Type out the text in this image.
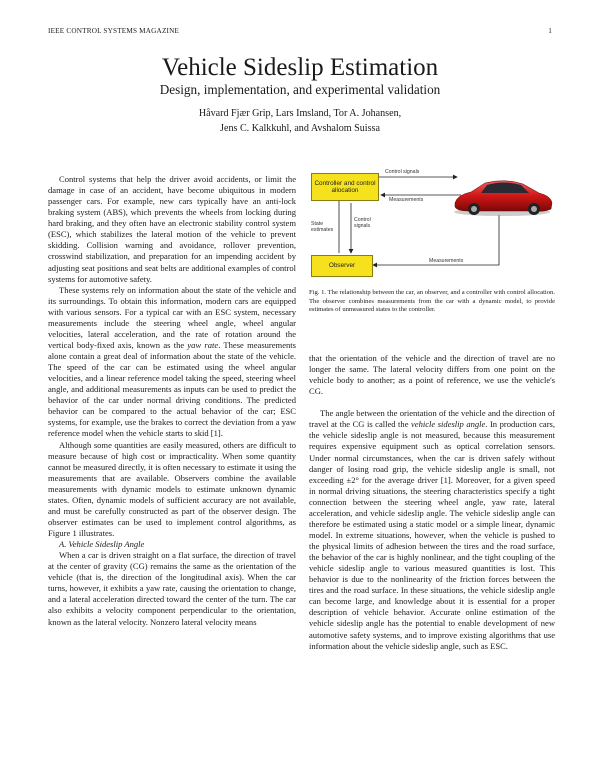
IEEE CONTROL SYSTEMS MAGAZINE	1
Vehicle Sideslip Estimation
Design, implementation, and experimental validation
Håvard Fjær Grip, Lars Imsland, Tor A. Johansen,
Jens C. Kalkkuhl, and Avshalom Suissa

Control systems that help the driver avoid accidents, or limit the damage in case of an accident, have become ubiquitous in modern passenger cars. For example, new cars typically have an anti-lock braking system (ABS), which prevents the wheels from locking during hard braking, and they often have an electronic stability control system (ESC), which stabilizes the lateral motion of the vehicle to prevent skidding. Collision warning and avoidance, rollover prevention, crosswind stabilization, and preparation for an impending accident by adjusting seat positions and seat belts are additional examples of control systems for automotive safety.

These systems rely on information about the state of the vehicle and its surroundings. To obtain this information, modern cars are equipped with various sensors. For a typical car with an ESC system, necessary measurements include the steering wheel angle, wheel angular velocities, lateral acceleration, and the rate of rotation around the vertical body-fixed axis, known as the yaw rate. These measurements alone contain a great deal of information about the state of the vehicle. The speed of the car can be estimated using the wheel angular velocities, and a linear reference model taking the speed, steering wheel angle, and additional measurements as inputs can be used to predict the behavior of the car under normal driving conditions. The predicted behavior can be compared to the actual behavior of the car; ESC systems, for example, use the brakes to correct the deviation from a yaw reference model when the vehicle starts to skid [1].

Although some quantities are easily measured, others are difficult to measure because of high cost or impracticality. When some quantity cannot be measured directly, it is often necessary to estimate it using the measurements that are available. Observers combine the available measurements with dynamic models to estimate unknown dynamic states. Often, dynamic models of sufficient accuracy are not available, and must be carefully constructed as part of the observer design. The observer estimates can be used to implement control algorithms, as Figure 1 illustrates.

A. Vehicle Sideslip Angle

When a car is driven straight on a flat surface, the direction of travel at the center of gravity (CG) remains the same as the orientation of the vehicle (that is, the direction of the longitudinal axis). When the car turns, however, it exhibits a yaw rate, causing the orientation to change, and a lateral acceleration directed toward the center of the turn. The car also exhibits a velocity component perpendicular to the orientation, known as the lateral velocity. Nonzero lateral velocity means

Controller and control allocation
Observer
Control signals
Measurements
Control signals
State estimates
Measurements
Fig. 1. The relationship between the car, an observer, and a controller with control allocation. The observer combines measurements from the car with a dynamic model, to provide estimates of unmeasured states to the controller.

that the orientation of the vehicle and the direction of travel are no longer the same. The lateral velocity differs from one point on the vehicle body to another; as a point of reference, we use the vehicle's CG.

The angle between the orientation of the vehicle and the direction of travel at the CG is called the vehicle sideslip angle. In production cars, the vehicle sideslip angle is not measured, because this measurement requires expensive equipment such as optical correlation sensors. Under normal circumstances, when the car is driven safely without danger of losing road grip, the vehicle sideslip angle is small, not exceeding ±2° for the average driver [1]. Moreover, for a given speed in normal driving situations, the steering characteristics specify a tight connection between the steering wheel angle, yaw rate, lateral acceleration, and vehicle sideslip angle. The vehicle sideslip angle can therefore be estimated using a static model or a simple linear, dynamic model. In extreme situations, however, when the vehicle is pushed to the physical limits of adhesion between the tires and the road surface, the behavior of the car is highly nonlinear, and the tight coupling of the vehicle sideslip angle to various measured quantities is lost. This behavior is due to the nonlinearity of the friction forces between the tires and the road surface. In these situations, the vehicle sideslip angle can become large, and knowledge about it is essential for a proper description of vehicle behavior. Accurate online estimation of the vehicle sideslip angle has the potential to enable development of new automotive safety systems, and to improve existing algorithms that use information about the vehicle sideslip angle, such as ESC.
